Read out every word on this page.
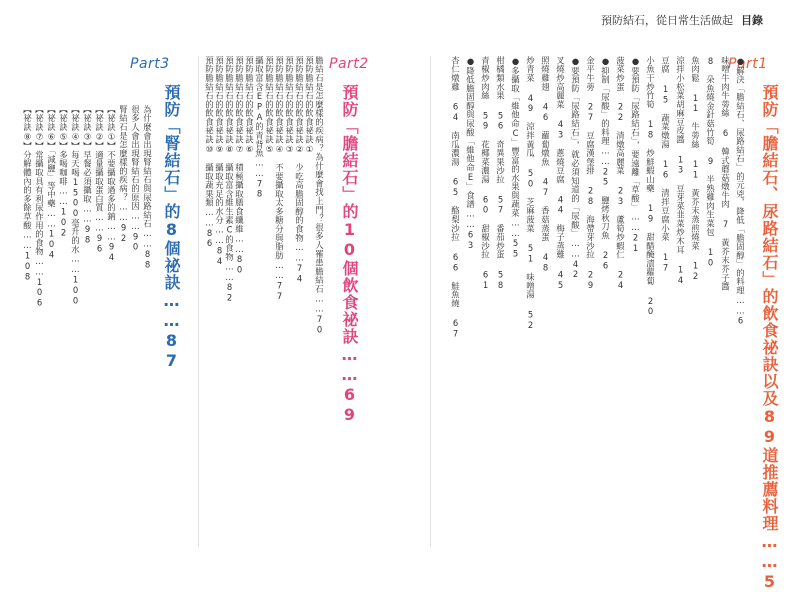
預防結石，從日常生活做起 目錄
Part1
預防「膽結石、尿路結石」的飲食祕訣以及89道推薦料理……5
●解決「膽結石、尿路結石」的元兇，降低「膽固醇」的料理……6
味噌牛肉牛蒡絲 6　韓式蘑菇燉牛肉 7　黃芥末芥子醬
8　朵魚燒金針菇竹筍 9　半熟雞肉生菜包 10
魚肉鬆 11　牛蒡絲 11　黃芥末蒸煎燒菜 12
涼拌小松菜胡麻豆皮醬 13　豆芽菜韭菜炒木耳 14
豆腐 15　蔬菜燉湯 16　清拌豆腐小菜 17
小魚干炒竹筍 18　炒鮮蝦山藥 19　甜醋醃漬蘿蔔 20
●要預防「尿路結石」，要遠離「草酸」……21
菠菜炒蛋 22　清燉高麗菜 23　蘆筍炒蝦仁 24
●抑制「尿酸」的料理……25　鹽烤秋刀魚 26
金平牛蒡 27　豆腐漢堡排 28　海帶芽沙拉 29
●要預防「尿路結石」，就必須知道的「尿酸」……42
叉燒炒高麗菜 43　蔥燒豆腐 44　梅子蒸雞 45
照燒雞翅 46　蘿蔔燉魚 47　香菇蒸蛋 48
炒青菜 49　涼拌黃瓜 50　芝麻菠菜 51　味噌湯 52
●多攝取「維他命C」豐富的水果與蔬菜……55
柑橘類水果 56　奇異果沙拉 57　番茄炒蛋 58
青椒炒肉絲 59　花椰菜濃湯 60　甜椒沙拉 61
●降低膽固醇與尿酸「維他命E」食譜……63
杏仁燉雞 64　南瓜濃湯 65　酪梨沙拉 66　鮭魚燒 67
Part2
預防「膽結石」的10個飲食祕訣……69
膽結石是怎麼樣的疾病？為什麼會找上門？很多人罹患膽結石……70
預防膽結石的飲食祕訣①
預防膽結石的飲食祕訣②　少吃高膽固醇的食物……74
預防膽結石的飲食祕訣③
預防膽結石的飲食祕訣④　不要攝取太多糖分與脂肪……77
預防膽結石的飲食祕訣⑤
攝取富含EPA的青背魚……78
預防膽結石的飲食祕訣⑥
預防膽結石的飲食祕訣⑦　積極攝取膳食纖維……80
預防膽結石的飲食祕訣⑧　攝取富含維生素C的食物……82
預防膽結石的飲食祕訣⑨　攝取充足的水分……84
預防膽結石的飲食祕訣⑩　攝取蔬果類……86
Part3
預防「腎結石」的8個祕訣……87
為什麼會出現腎結石與尿路結石……88
很多人會出現腎結石的原因……90
腎結石是怎麼樣的疾病？……92
【祕訣①】不要攝取過多的鈉……94
【祕訣②】適量攝取蛋白質……96
【祕訣③】早餐必須攝取……98
【祕訣④】每天喝1500毫升的水……100
【祕訣⑤】多喝咖啡……102
【祕訣⑥】「減鹽」等中藥……104
【祕訣⑦】常攝取具有利尿作用的食物……106
【祕訣⑧】分解體內的多餘草酸……108
